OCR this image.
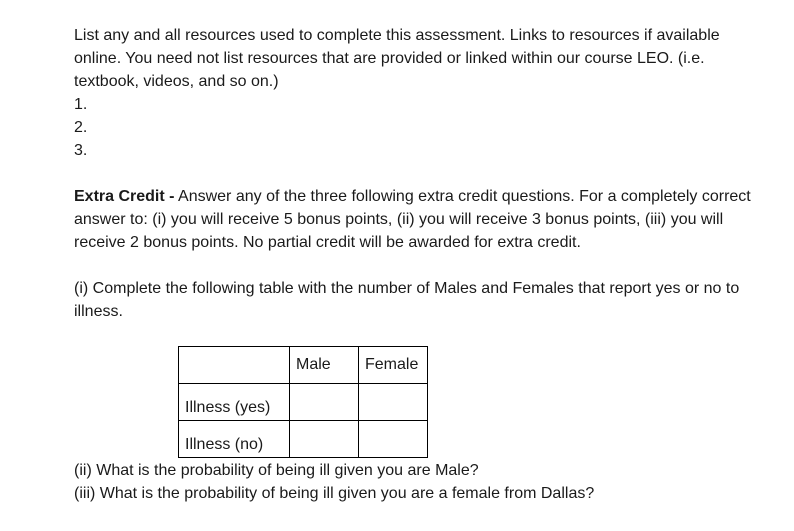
List any and all resources used to complete this assessment. Links to resources if available online. You need not list resources that are provided or linked within our course LEO. (i.e. textbook, videos, and so on.)

1.

2.

3.

Extra Credit - Answer any of the three following extra credit questions. For a completely correct answer to: (i) you will receive 5 bonus points, (ii) you will receive 3 bonus points, (iii) you will receive 2 bonus points. No partial credit will be awarded for extra credit.

(i) Complete the following table with the number of Males and Females that report yes or no to illness.

	Male	Female
Illness (yes)		
Illness (no)		

(ii) What is the probability of being ill given you are Male?

(iii) What is the probability of being ill given you are a female from Dallas?
